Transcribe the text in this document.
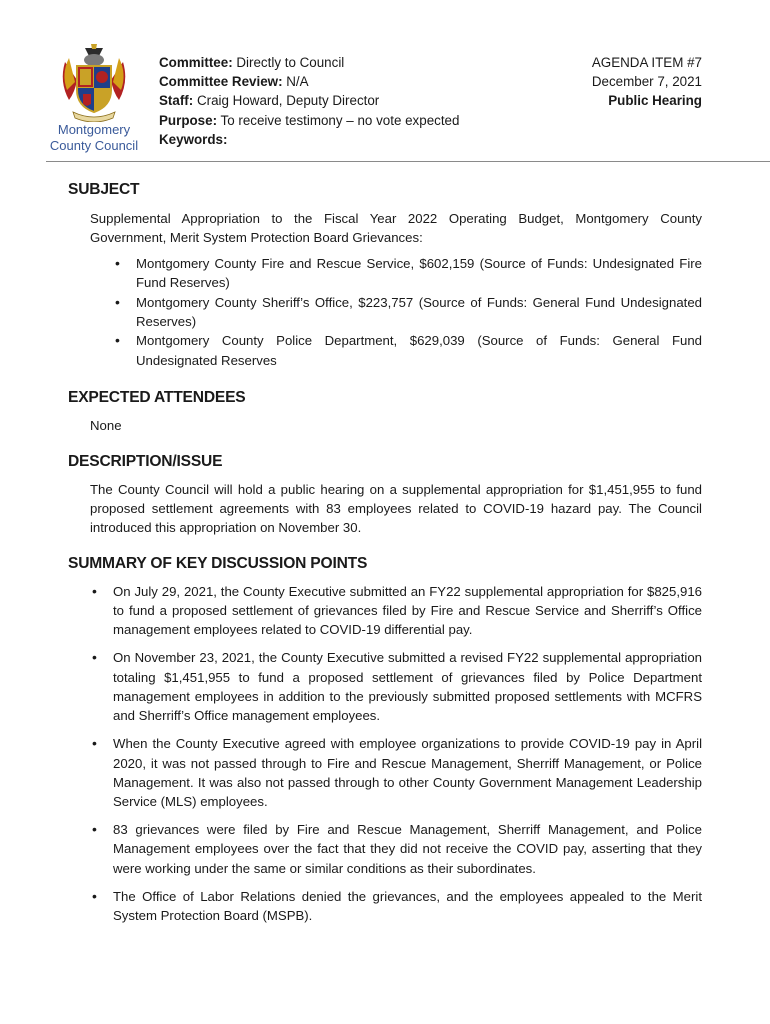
Montgomery
County Council
Committee: Directly to Council
Committee Review: N/A
Staff: Craig Howard, Deputy Director
Purpose: To receive testimony – no vote expected
Keywords:
AGENDA ITEM #7
December 7, 2021
Public Hearing
SUBJECT
Supplemental Appropriation to the Fiscal Year 2022 Operating Budget, Montgomery County Government, Merit System Protection Board Grievances:
• Montgomery County Fire and Rescue Service, $602,159 (Source of Funds: Undesignated Fire Fund Reserves)
• Montgomery County Sheriff’s Office, $223,757 (Source of Funds: General Fund Undesignated Reserves)
• Montgomery County Police Department, $629,039 (Source of Funds: General Fund Undesignated Reserves
EXPECTED ATTENDEES
None
DESCRIPTION/ISSUE
The County Council will hold a public hearing on a supplemental appropriation for $1,451,955 to fund proposed settlement agreements with 83 employees related to COVID-19 hazard pay. The Council introduced this appropriation on November 30.
SUMMARY OF KEY DISCUSSION POINTS
• On July 29, 2021, the County Executive submitted an FY22 supplemental appropriation for $825,916 to fund a proposed settlement of grievances filed by Fire and Rescue Service and Sherriff’s Office management employees related to COVID-19 differential pay.
• On November 23, 2021, the County Executive submitted a revised FY22 supplemental appropriation totaling $1,451,955 to fund a proposed settlement of grievances filed by Police Department management employees in addition to the previously submitted proposed settlements with MCFRS and Sherriff’s Office management employees.
• When the County Executive agreed with employee organizations to provide COVID-19 pay in April 2020, it was not passed through to Fire and Rescue Management, Sherriff Management, or Police Management. It was also not passed through to other County Government Management Leadership Service (MLS) employees.
• 83 grievances were filed by Fire and Rescue Management, Sherriff Management, and Police Management employees over the fact that they did not receive the COVID pay, asserting that they were working under the same or similar conditions as their subordinates.
• The Office of Labor Relations denied the grievances, and the employees appealed to the Merit System Protection Board (MSPB).
